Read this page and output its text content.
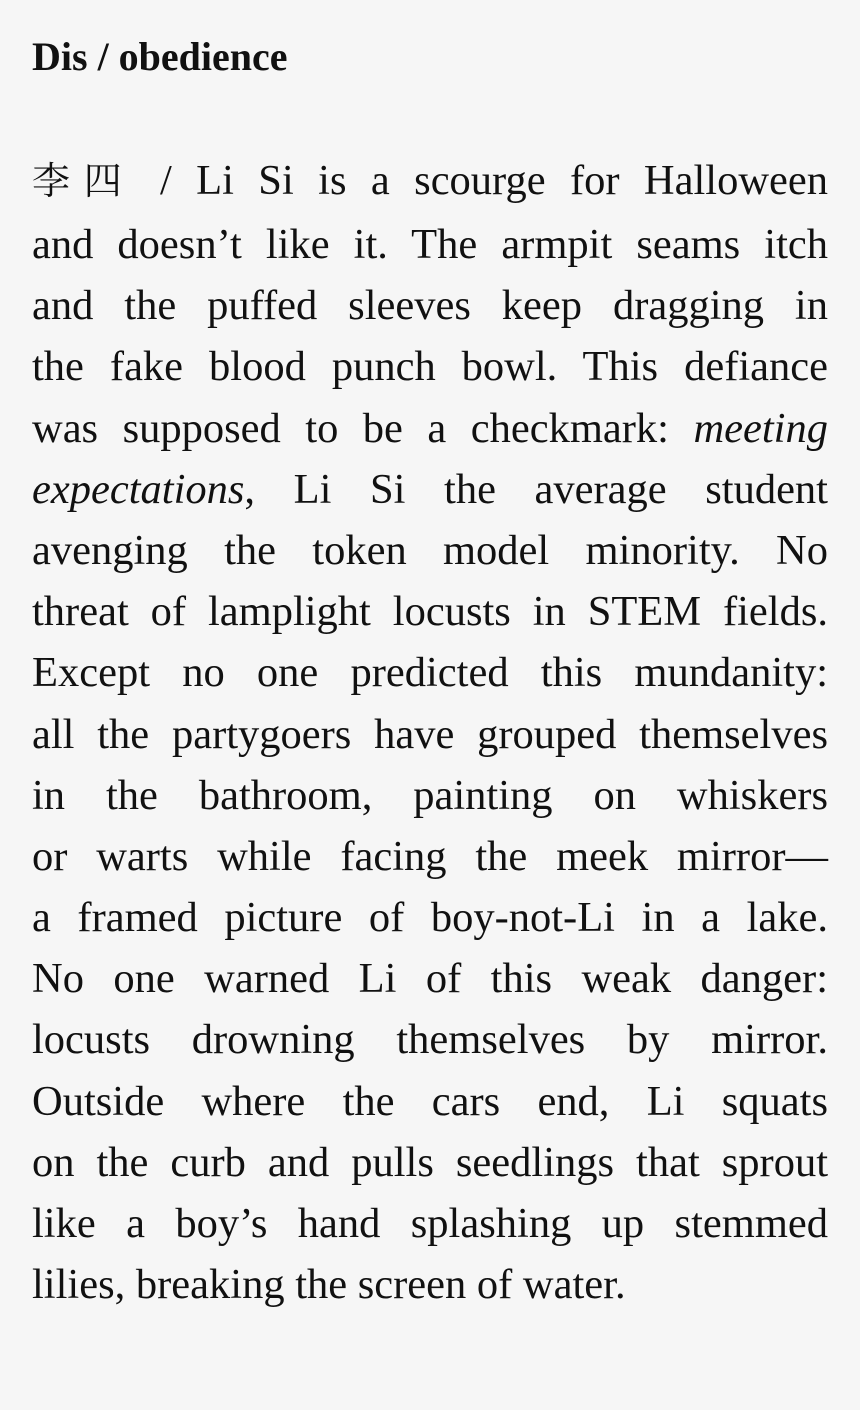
Dis / obedience
李四 / Li Si is a scourge for Halloween
and doesn’t like it. The armpit seams itch
and the puffed sleeves keep dragging in
the fake blood punch bowl. This defiance
was supposed to be a checkmark: meeting
expectations, Li Si the average student
avenging the token model minority. No
threat of lamplight locusts in STEM fields.
Except no one predicted this mundanity:
all the partygoers have grouped themselves
in the bathroom, painting on whiskers
or warts while facing the meek mirror—
a framed picture of boy-not-Li in a lake.
No one warned Li of this weak danger:
locusts drowning themselves by mirror.
Outside where the cars end, Li squats
on the curb and pulls seedlings that sprout
like a boy’s hand splashing up stemmed
lilies, breaking the screen of water.
